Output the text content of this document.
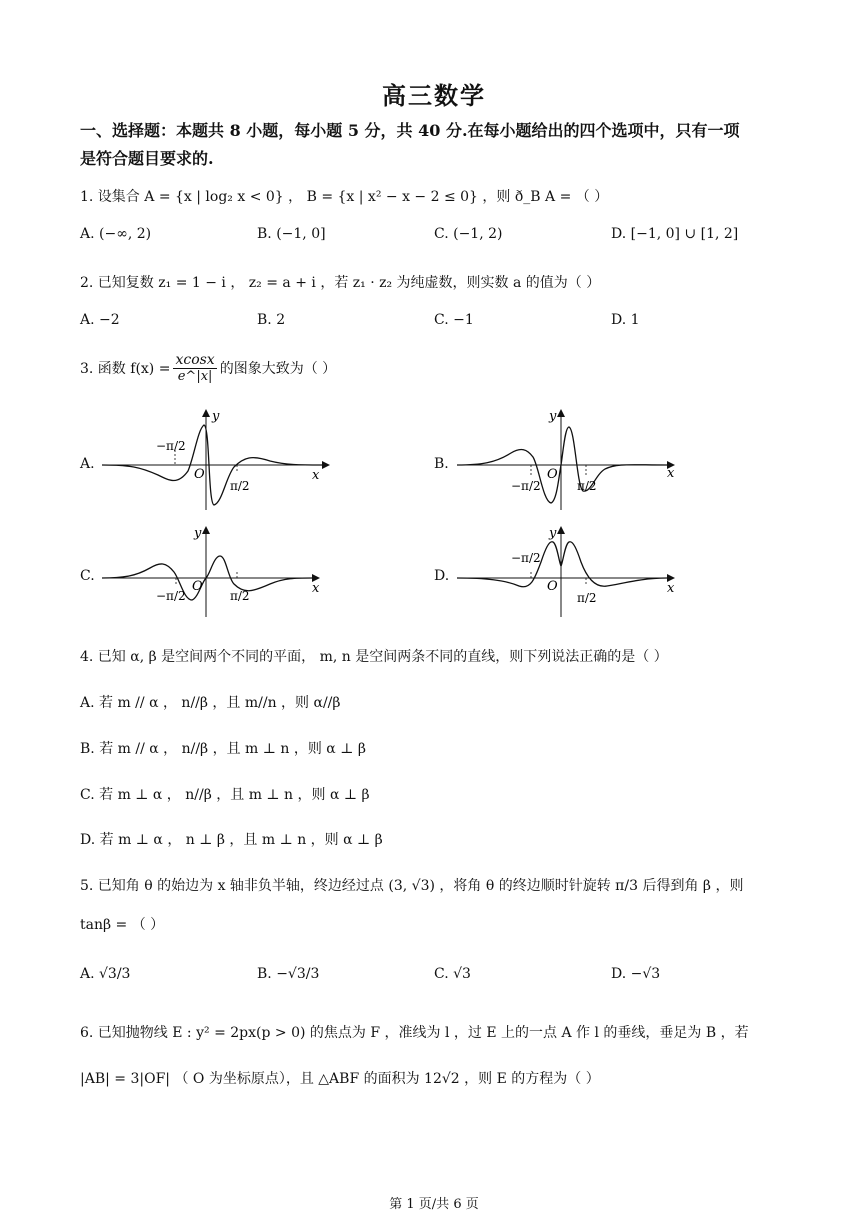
高三数学
一、选择题：本题共 8 小题，每小题 5 分，共 40 分.在每小题给出的四个选项中，只有一项
是符合题目要求的.
1. 设集合 A = {x | log₂ x < 0} ， B = {x | x² − x − 2 ≤ 0} ，则 ð_B A = （ ）
A. (−∞, 2)	B. (−1, 0]	C. (−1, 2)	D. [−1, 0] ∪ [1, 2]
2. 已知复数 z₁ = 1 − i ， z₂ = a + i ，若 z₁ · z₂ 为纯虚数，则实数 a 的值为（ ）
A. −2	B. 2	C. −1	D. 1
3. 函数 $f(x) = \frac{xcosx}{e\^{}|x|}$ 的图象大致为（ ）
A.
y
x
O
−π/2
π/2
B.
y
x
O
−π/2	π/2
C.
y
x
O
−π/2	π/2
D.
y
x
O
−π/2
π/2
4. 已知 α, β 是空间两个不同的平面， m, n 是空间两条不同的直线，则下列说法正确的是（ ）
A. 若 m // α ， n//β ，且 m//n ，则 α//β
B. 若 m // α ， n//β ，且 m ⊥ n ，则 α ⊥ β
C. 若 m ⊥ α ， n//β ，且 m ⊥ n ，则 α ⊥ β
D. 若 m ⊥ α ， n ⊥ β ，且 m ⊥ n ，则 α ⊥ β
5. 已知角 θ 的始边为 x 轴非负半轴，终边经过点 (3, √3) ，将角 θ 的终边顺时针旋转 π/3 后得到角 β ，则
tanβ = （ ）
A. √3/3	B. −√3/3	C. √3	D. −√3
6. 已知抛物线 E : y² = 2px(p > 0) 的焦点为 F ，准线为 l ，过 E 上的一点 A 作 l 的垂线，垂足为 B ，若
|AB| = 3|OF| （ O 为坐标原点），且 △ABF 的面积为 12√2 ，则 E 的方程为（ ）
第 1 页/共 6 页
